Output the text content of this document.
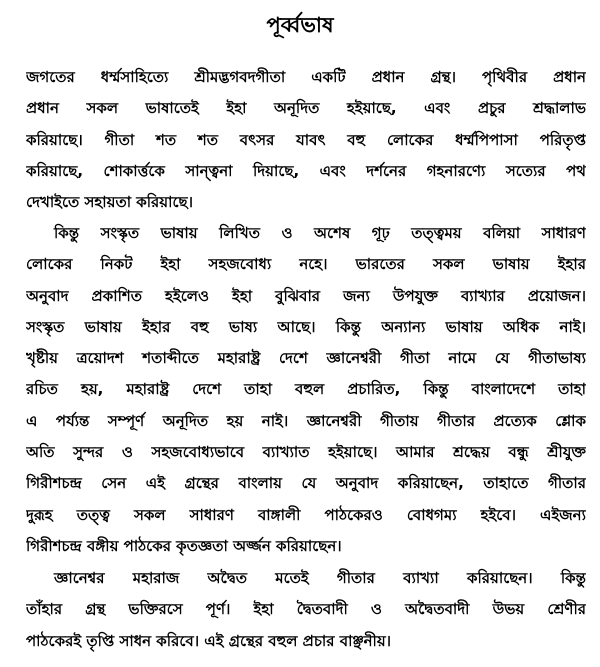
পূর্ব্বভাষ
জগতের ধর্ম্মসাহিত্যে শ্রীমদ্ভগবদগীতা একটি প্রধান গ্রন্থ। পৃথিবীর প্রধান
প্রধান সকল ভাষাতেই ইহা অনূদিত হইয়াছে, এবং প্রচুর শ্রদ্ধালাভ
করিয়াছে। গীতা শত শত বৎসর যাবৎ বহু লোকের ধর্ম্মপিপাসা পরিতৃপ্ত
করিয়াছে, শোকার্ত্তকে সান্ত্বনা দিয়াছে, এবং দর্শনের গহনারণ্যে সত্যের পথ
দেখাইতে সহায়তা করিয়াছে।
কিন্তু সংস্কৃত ভাষায় লিখিত ও অশেষ গূঢ় তত্ত্বময় বলিয়া সাধারণ
লোকের নিকট ইহা সহজবোধ্য নহে। ভারতের সকল ভাষায় ইহার
অনুবাদ প্রকাশিত হইলেও ইহা বুঝিবার জন্য উপযুক্ত ব্যাখ্যার প্রয়োজন।
সংস্কৃত ভাষায় ইহার বহু ভাষ্য আছে। কিন্তু অন্যান্য ভাষায় অধিক নাই।
খৃষ্টীয় ত্রয়োদশ শতাব্দীতে মহারাষ্ট্র দেশে জ্ঞানেশ্বরী গীতা নামে যে গীতাভাষ্য
রচিত হয়, মহারাষ্ট্র দেশে তাহা বহুল প্রচারিত, কিন্তু বাংলাদেশে তাহা
এ পর্য্যন্ত সম্পূর্ণ অনূদিত হয় নাই। জ্ঞানেশ্বরী গীতায় গীতার প্রত্যেক শ্লোক
অতি সুন্দর ও সহজবোধ্যভাবে ব্যাখ্যাত হইয়াছে। আমার শ্রদ্ধেয় বন্ধু শ্রীযুক্ত
গিরীশচন্দ্র সেন এই গ্রন্থের বাংলায় যে অনুবাদ করিয়াছেন, তাহাতে গীতার
দুরূহ তত্ত্ব সকল সাধারণ বাঙ্গালী পাঠকেরও বোধগম্য হইবে। এইজন্য
গিরীশচন্দ্র বঙ্গীয় পাঠকের কৃতজ্ঞতা অর্জ্জন করিয়াছেন।
জ্ঞানেশ্বর মহারাজ অদ্বৈত মতেই গীতার ব্যাখ্যা করিয়াছেন। কিন্তু
তাঁহার গ্রন্থ ভক্তিরসে পূর্ণ। ইহা দ্বৈতবাদী ও অদ্বৈতবাদী উভয় শ্রেণীর
পাঠকেরই তৃপ্তি সাধন করিবে। এই গ্রন্থের বহুল প্রচার বাঞ্ছনীয়।
